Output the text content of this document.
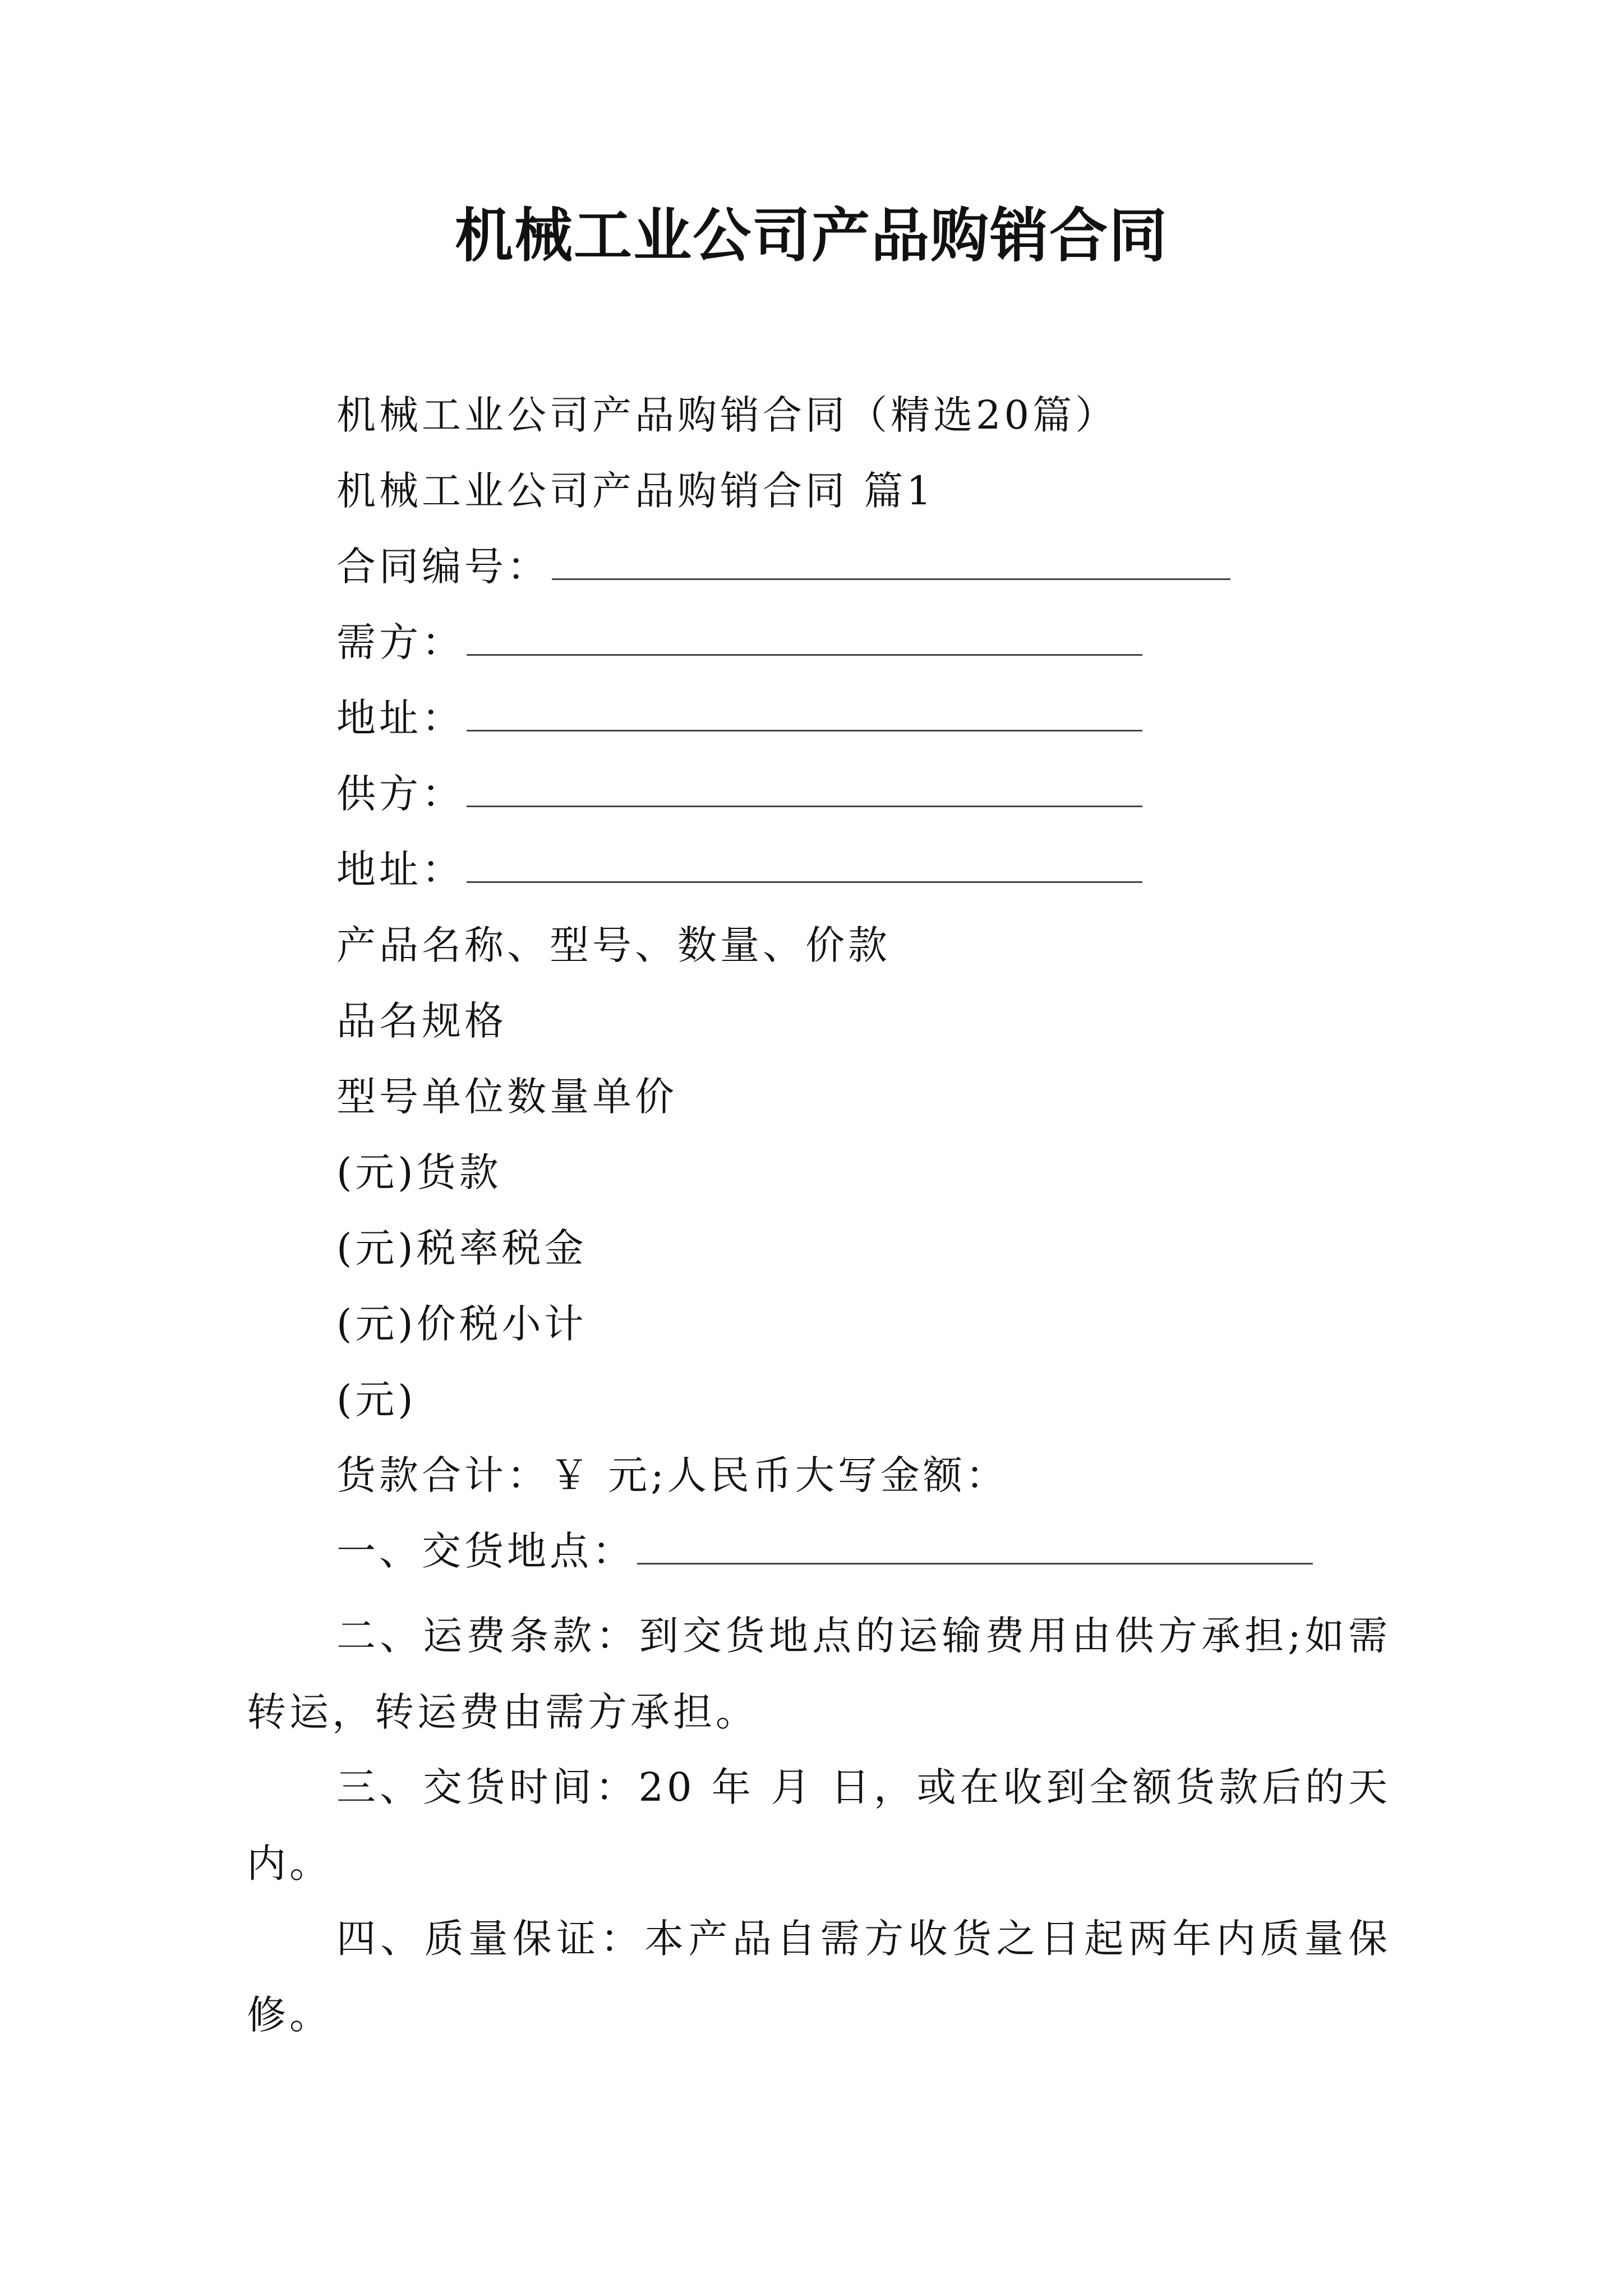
机械工业公司产品购销合同
机械工业公司产品购销合同（精选20篇）
机械工业公司产品购销合同 篇1
合同编号：
需方：
地址：
供方：
地址：
产品名称、型号、数量、价款
品名规格
型号单位数量单价
(元)货款
(元)税率税金
(元)价税小计
(元)
货款合计：￥ 元;人民币大写金额：
一、交货地点：
二、运费条款：到交货地点的运输费用由供方承担;如需转运，转运费由需方承担。
三、交货时间：20 年 月 日，或在收到全额货款后的天内。
四、质量保证：本产品自需方收货之日起两年内质量保修。
